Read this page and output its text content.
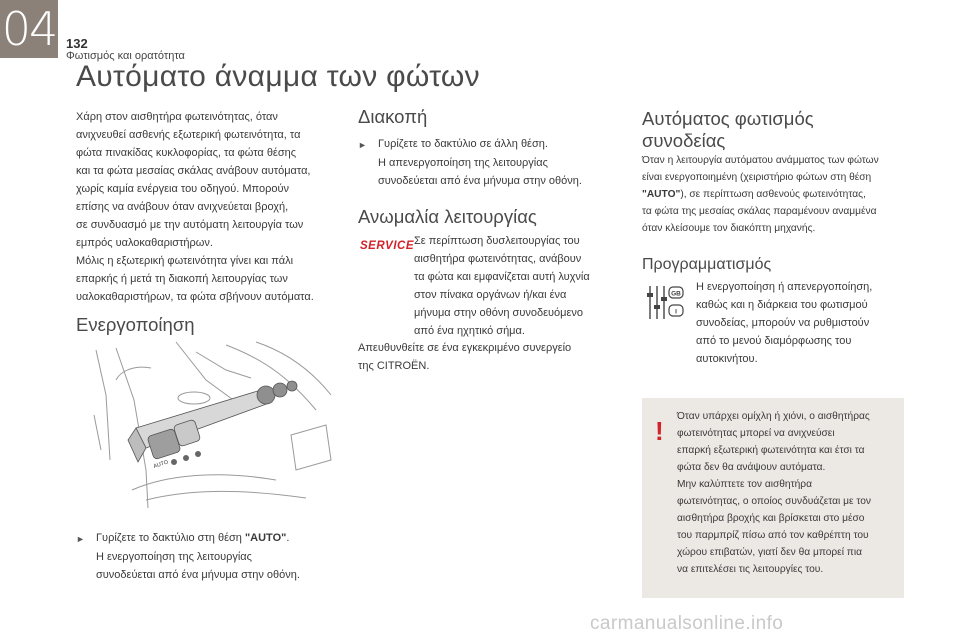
04 132
Φωτισμός και ορατότητα
Αυτόματο άναμμα των φώτων
Χάρη στον αισθητήρα φωτεινότητας, όταν
ανιχνευθεί ασθενής εξωτερική φωτεινότητα, τα
φώτα πινακίδας κυκλοφορίας, τα φώτα θέσης
και τα φώτα μεσαίας σκάλας ανάβουν αυτόματα,
χωρίς καμία ενέργεια του οδηγού. Μπορούν
επίσης να ανάβουν όταν ανιχνεύεται βροχή,
σε συνδυασμό με την αυτόματη λειτουργία των
εμπρός υαλοκαθαριστήρων.
Μόλις η εξωτερική φωτεινότητα γίνει και πάλι
επαρκής ή μετά τη διακοπή λειτουργίας των
υαλοκαθαριστήρων, τα φώτα σβήνουν αυτόματα.
Ενεργοποίηση
AUTO
►	Γυρίζετε το δακτύλιο στη θέση "AUTO".
Η ενεργοποίηση της λειτουργίας
συνοδεύεται από ένα μήνυμα στην οθόνη.
Διακοπή
►	Γυρίζετε το δακτύλιο σε άλλη θέση.
Η απενεργοποίηση της λειτουργίας
συνοδεύεται από ένα μήνυμα στην οθόνη.
Ανωμαλία λειτουργίας
SERVICE Σε περίπτωση δυσλειτουργίας του
αισθητήρα φωτεινότητας, ανάβουν
τα φώτα και εμφανίζεται αυτή λυχνία
στον πίνακα οργάνων ή/και ένα
μήνυμα στην οθόνη συνοδευόμενο
από ένα ηχητικό σήμα.
Απευθυνθείτε σε ένα εγκεκριμένο συνεργείο
της CITROËN.
Αυτόματος φωτισμός
συνοδείας
Όταν η λειτουργία αυτόματου ανάμματος των φώτων
είναι ενεργοποιημένη (χειριστήριο φώτων στη θέση
"AUTO"), σε περίπτωση ασθενούς φωτεινότητας,
τα φώτα της μεσαίας σκάλας παραμένουν αναμμένα
όταν κλείσουμε τον διακόπτη μηχανής.
Προγραμματισμός
GB
I
Η ενεργοποίηση ή απενεργοποίηση,
καθώς και η διάρκεια του φωτισμού
συνοδείας, μπορούν να ρυθμιστούν
από το μενού διαμόρφωσης του
αυτοκινήτου.
! Όταν υπάρχει ομίχλη ή χιόνι, ο αισθητήρας
φωτεινότητας μπορεί να ανιχνεύσει
επαρκή εξωτερική φωτεινότητα και έτσι τα
φώτα δεν θα ανάψουν αυτόματα.
Μην καλύπτετε τον αισθητήρα
φωτεινότητας, ο οποίος συνδυάζεται με τον
αισθητήρα βροχής και βρίσκεται στο μέσο
του παρμπρίζ πίσω από τον καθρέπτη του
χώρου επιβατών, γιατί δεν θα μπορεί πια
να επιτελέσει τις λειτουργίες του.
carmanualsonline.info
